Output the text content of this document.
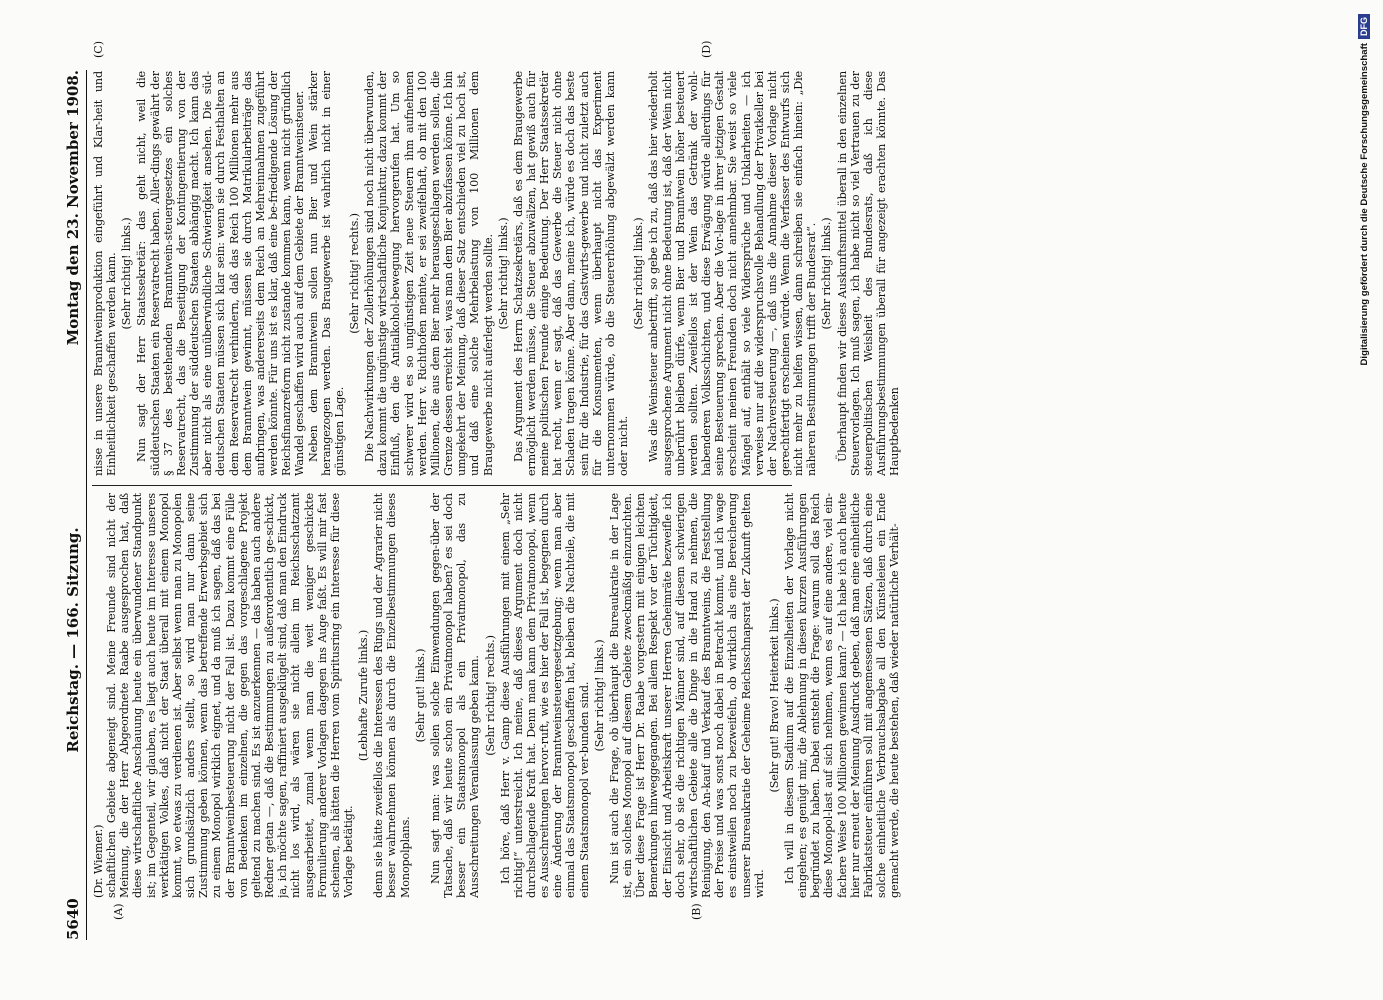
5640
Reichstag. — 166. Sitzung.
Montag den 23. November 1908.
(A)	(B)
(C)	(D)

(Dr. Wiemer.) schaftlichen Gebiete abgeneigt sind. Meine Freunde sind nicht der Meinung, die der Herr Abgeordnete Raabe ausgesprochen hat, daß diese wirtschaftliche Anschauung heute ein überwundener Standpunkt ist; im Gegenteil, wir glauben, es liegt auch heute im Interesse unseres werktätigen Volkes, daß nicht der Staat überall mit einem Monopol kommt, wo etwas zu verdienen ist. Aber selbst wenn man zu Monopolen sich grundsätzlich anders stellt, so wird man nur dann seine Zustimmung geben können, wenn das betreffende Erwerbsgebiet sich zu einem Monopol wirklich eignet, und da muß ich sagen, daß das bei der Branntweinbesteuerung nicht der Fall ist. Dazu kommt eine Fülle von Bedenken im einzelnen, die gegen das vorgeschlagene Projekt geltend zu machen sind. Es ist anzuerkennen — das haben auch andere Redner getan —, daß die Bestimmungen zu außerordentlich ge-schickt, ja, ich möchte sagen, raffiniert ausgeklügelt sind, daß man den Eindruck nicht los wird, als wären sie nicht allein im Reichsschatzamt ausgearbeitet, zumal wenn man die weit weniger geschickte Formulierung anderer Vorlagen dagegen ins Auge faßt. Es will mir fast scheinen, als hätten die Herren vom Spiritusring ein Interesse für diese Vorlage betätigt.

(Lebhafte Zurufe links.) denn sie hätte zweifellos die Interessen des Rings und der Agrarier nicht besser wahrnehmen können als durch die Einzelbestimmungen dieses Monopolplans.

(Sehr gut! links.) Nun sagt man: was sollen solche Einwendungen gegen-über der Tatsache, daß wir heute schon ein Privatmonopol haben? es sei doch besser ein Staatsmonopol als ein Privatmonopol, das zu Ausschreitungen Veranlassung geben kann. (Sehr richtig! rechts.) Ich höre, daß Herr v. Gamp diese Ausführungen mit einem „Sehr richtig!“ unterstreicht. Ich meine, daß dieses Argument doch nicht durchschlagende Kraft hat. Denn man kann dem Privatmonopol, wenn es Ausschreitungen hervor-ruft, wie es hier der Fall ist, begegnen durch eine Änderung der Branntweinsteuergesetzgebung; wenn man aber einmal das Staatsmonopol geschaffen hat, bleiben die Nachteile, die mit einem Staatsmonopol ver-bunden sind. (Sehr richtig! links.) Nun ist auch die Frage, ob überhaupt die Bureaukratie in der Lage ist, ein solches Monopol auf diesem Gebiete zweckmäßig einzurichten. Über diese Frage ist Herr Dr. Raabe vorgestern mit einigen leichten Bemerkungen hinweggegangen. Bei allem Respekt vor der Tüchtigkeit, der Einsicht und Arbeitskraft unserer Herren Geheimräte bezweifle ich doch sehr, ob sie die richtigen Männer sind, auf diesem schwierigen wirtschaftlichen Gebiete alle die Dinge in die Hand zu nehmen, die Reinigung, den An-kauf und Verkauf des Branntweins, die Feststellung der Preise und was sonst noch dabei in Betracht kommt, und ich wage es einstweilen noch zu bezweifeln, ob wirklich als eine Bereicherung unserer Bureaukratie der Geheime Reichsschnapsrat der Zukunft gelten wird.

(Sehr gut! Bravo! Heiterkeit links.) Ich will in diesem Stadium auf die Einzelheiten der Vorlage nicht eingehen; es genügt mir, die Ablehnung in diesen kurzen Ausführungen begründet zu haben. Dabei entsteht die Frage: warum soll das Reich diese Monopol-last auf sich nehmen, wenn es auf eine andere, viel ein-fachere Weise 100 Millionen gewinnen kann? — Ich habe ich auch heute hier nur erneut der Meinung Ausdruck geben, daß man eine einheitliche Fabrikatsteuer einführen soll mit angemessenen Sätzen, daß durch eine solche einheitliche Verbrauchsabgabe all den Künsteleien ein Ende gemacht werde, die heute bestehen, daß wieder natürliche Verhält-

nisse in unsere Branntweinproduktion eingeführt und Klar-heit und Einheitlichkeit geschaffen werden kann. (Sehr richtig! links.) Nun sagt der Herr Staatssekretär: das geht nicht, weil die süddeutschen Staaten ein Reservatrecht haben. Aller-dings gewährt der § 37 des bestehenden Branntwein-steuergesetzes ein solches Reservatrecht, das die Beseitigung der Kontingentierung von der Zustimmung der süddeutschen Staaten abhängig macht. Ich kann das aber nicht als eine unüberwindliche Schwierigkeit ansehen. Die süd-deutschen Staaten müssen sich klar sein: wenn sie durch Festhalten an dem Reservatrecht verhindern, daß das Reich 100 Millionen mehr aus dem Branntwein gewinnt, müssen sie durch Matrikularbeiträge das aufbringen, was andererseits dem Reich an Mehreinnahmen zugeführt werden könnte. Für uns ist es klar, daß eine be-friedigende Lösung der Reichsfinanzreform nicht zustande kommen kann, wenn nicht gründlich Wandel geschaffen wird auch auf dem Gebiete der Branntweinsteuer. Neben dem Branntwein sollen nun Bier und Wein stärker herangezogen werden. Das Braugewerbe ist wahrlich nicht in einer günstigen Lage.

(Sehr richtig! rechts.) Die Nachwirkungen der Zollerhöhungen sind noch nicht überwunden, dazu kommt die ungünstige wirtschaftliche Konjunktur, dazu kommt der Einfluß, den die Antialkohol-bewegung hervorgerufen hat. Um so schwerer wird es so ungünstigen Zeit neue Steuern ihm aufnehmen werden. Herr v. Richthofen meinte, er sei zweifelhaft, ob mit den 100 Millionen, die aus dem Bier mehr herausgeschlagen werden sollen, die Grenze dessen erreicht sei, was man dem Bier abzufassen könne. Ich bin umgekehrt der Meinung, daß dieser Satz entschieden viel zu hoch ist, und daß eine solche Mehrbelastung von 100 Millionen dem Braugewerbe nicht auferlegt werden sollte. (Sehr richtig! links.) Das Argument des Herrn Schatzsekretärs, daß es dem Braugewerbe ermöglicht werden müsse, die Steuer abzuwälzen, hat gewiß auch für meine politischen Freunde einige Bedeutung. Der Herr Staatssekretär hat recht, wenn er sagt, daß das Gewerbe die Steuer nicht ohne Schaden tragen könne. Aber dann, meine ich, würde es doch das beste sein für die Industrie, für das Gastwirts-gewerbe und nicht zuletzt auch für die Konsumenten, wenn überhaupt nicht das Experiment unternommen würde, ob die Steuererhöhung abgewälzt werden kann oder nicht.

(Sehr richtig! links.) Was die Weinsteuer anbetrifft, so gebe ich zu, daß das hier wiederholt ausgesprochene Argument nicht ohne Bedeutung ist, daß der Wein nicht unberührt bleiben dürfe, wenn Bier und Branntwein höher besteuert werden sollten. Zweifellos ist der Wein das Getränk der wohl-habenderen Volksschichten, und diese Erwägung würde allerdings für seine Besteuerung sprechen. Aber die Vor-lage in ihrer jetzigen Gestalt erscheint meinen Freunden doch nicht annehmbar. Sie weist so viele Mängel auf, enthält so viele Widersprüche und Unklarheiten — ich verweise nur auf die widerspruchsvolle Behandlung der Privatkeller bei der Nachversteuerung —, daß uns die Annahme dieser Vorlage nicht gerechtfertigt erscheinen würde. Wenn die Verfasser des Entwurfs sich nicht mehr zu helfen wissen, dann schreiben sie einfach hinein: „Die näheren Bestimmungen trifft der Bundesrat“. (Sehr richtig! links.) Überhaupt finden wir dieses Auskunftsmittel überall in den einzelnen Steuervorlagen. Ich muß sagen, ich habe nicht so viel Vertrauen zu der steuerpolitischen Weisheit des Bundesrats, daß ich diese Ausführungsbestimmungen überall für angezeigt erachten könnte. Das Hauptbedenken

Digitalisierung gefördert durch die Deutsche ForschungsgemeinschaftDFG
